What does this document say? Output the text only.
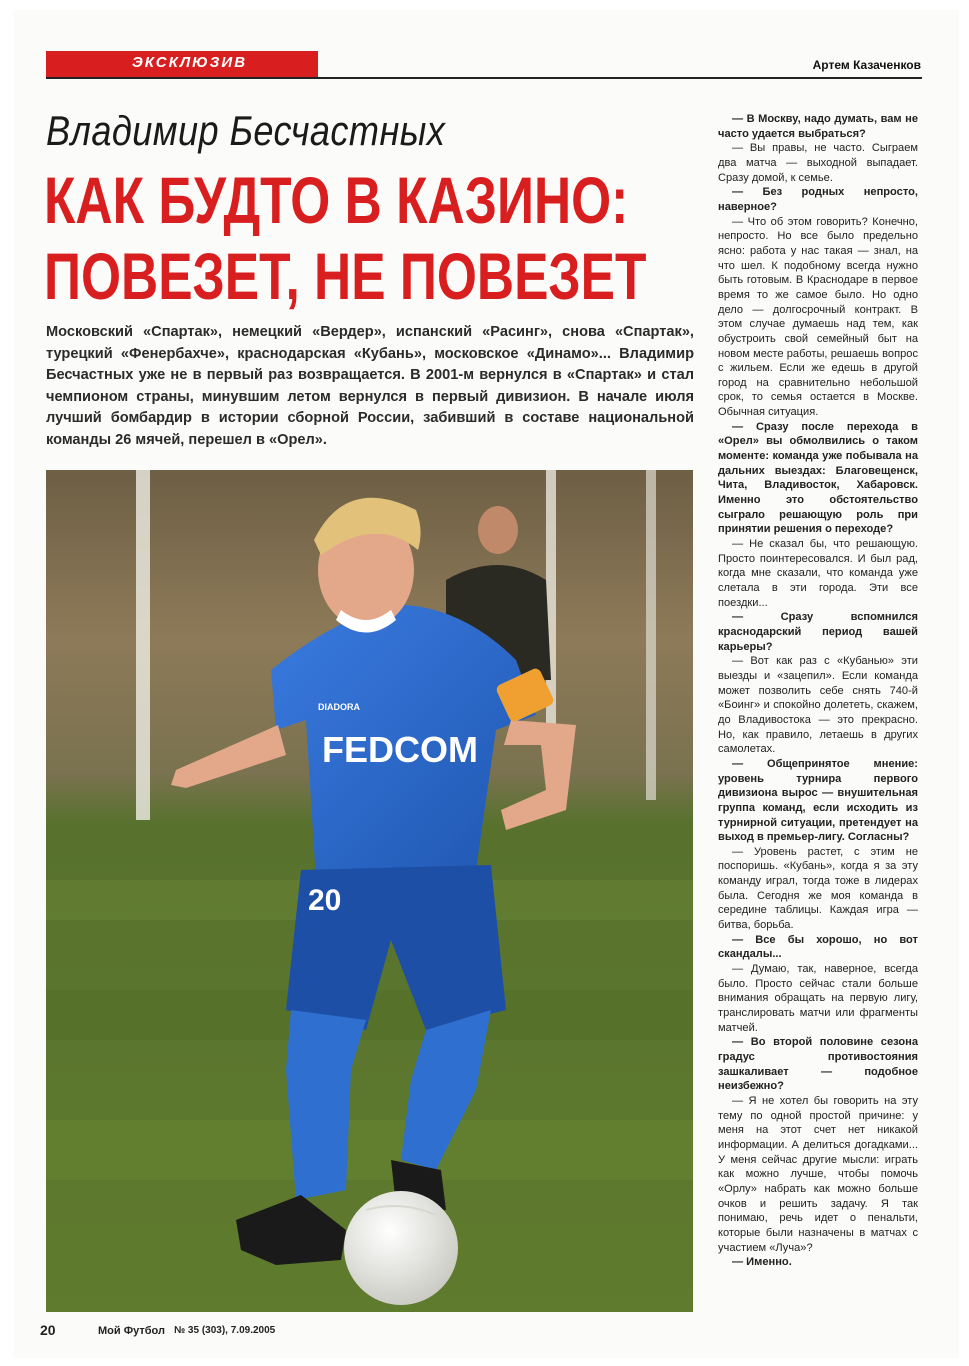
ЭКСКЛЮЗИВ	Артем Казаченков
Владимир Бесчастных
КАК БУДТО В КАЗИНО:
ПОВЕЗЕТ, НЕ ПОВЕЗЕТ
Московский «Спартак», немецкий «Вердер», испанский «Расинг», снова «Спартак», турецкий «Фенербахче», краснодарская «Кубань», московское «Динамо»... Владимир Бесчастных уже не в первый раз возвращается. В 2001-м вернулся в «Спартак» и стал чемпионом страны, минувшим летом вернулся в первый дивизион. В начале июля лучший бомбардир в истории сборной России, забивший в составе национальной команды 26 мячей, перешел в «Орел».
FEDCOM
DIADORA
20

— В Москву, надо думать, вам не часто удается выбраться?

— Вы правы, не часто. Сыграем два матча — выходной выпадает. Сразу домой, к семье.

— Без родных непросто, наверное?

— Что об этом говорить? Конечно, непросто. Но все было предельно ясно: работа у нас такая — знал, на что шел. К подобному всегда нужно быть готовым. В Краснодаре в первое время то же самое было. Но одно дело — долгосрочный контракт. В этом случае думаешь над тем, как обустроить свой семейный быт на новом месте работы, решаешь вопрос с жильем. Если же едешь в другой город на сравнительно небольшой срок, то семья остается в Москве. Обычная ситуация.

— Сразу после перехода в «Орел» вы обмолвились о таком моменте: команда уже побывала на дальних выездах: Благовещенск, Чита, Владивосток, Хабаровск. Именно это обстоятельство сыграло решающую роль при принятии решения о переходе?

— Не сказал бы, что решающую. Просто поинтересовался. И был рад, когда мне сказали, что команда уже слетала в эти города. Эти все поездки...

— Сразу вспомнился краснодарский период вашей карьеры?

— Вот как раз с «Кубанью» эти выезды и «зацепил». Если команда может позволить себе снять 740-й «Боинг» и спокойно долететь, скажем, до Владивостока — это прекрасно. Но, как правило, летаешь в других самолетах.

— Общепринятое мнение: уровень турнира первого дивизиона вырос — внушительная группа команд, если исходить из турнирной ситуации, претендует на выход в премьер-лигу. Согласны?

— Уровень растет, с этим не поспоришь. «Кубань», когда я за эту команду играл, тогда тоже в лидерах была. Сегодня же моя команда в середине таблицы. Каждая игра — битва, борьба.

— Все бы хорошо, но вот скандалы...

— Думаю, так, наверное, всегда было. Просто сейчас стали больше внимания обращать на первую лигу, транслировать матчи или фрагменты матчей.

— Во второй половине сезона градус противостояния зашкаливает — подобное неизбежно?

— Я не хотел бы говорить на эту тему по одной простой причине: у меня на этот счет нет никакой информации. А делиться догадками... У меня сейчас другие мысли: играть как можно лучше, чтобы помочь «Орлу» набрать как можно больше очков и решить задачу. Я так понимаю, речь идет о пенальти, которые были назначены в матчах с участием «Луча»?

— Именно.

20	Мой Футбол № 35 (303), 7.09.2005
